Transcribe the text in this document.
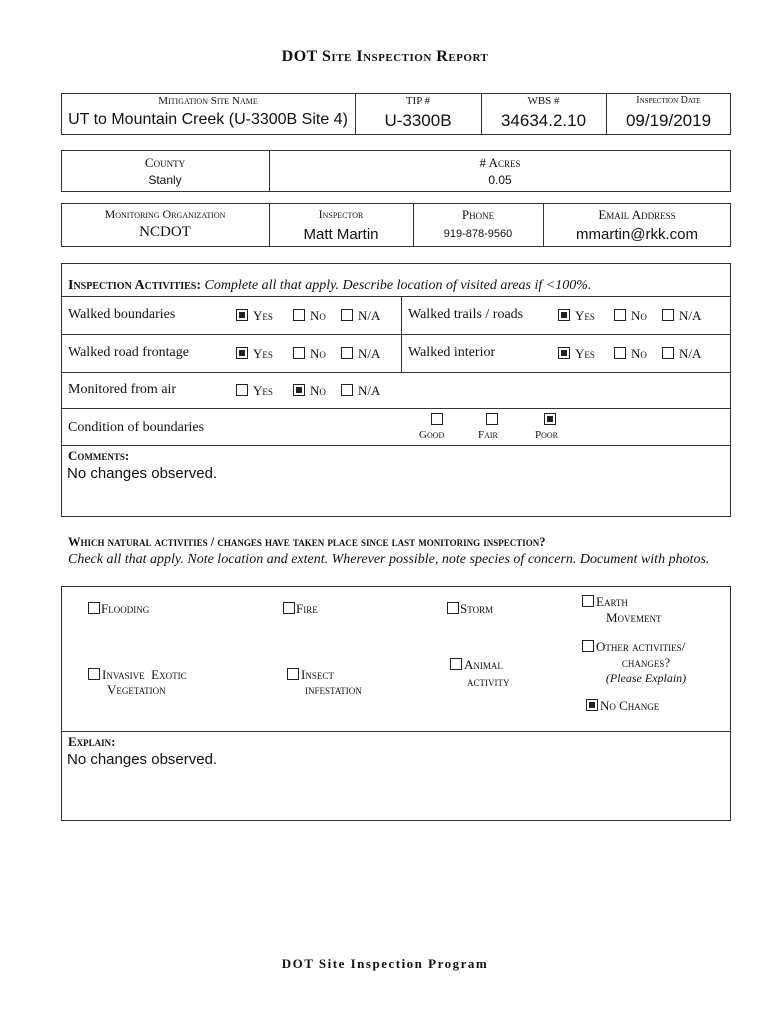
DOT Site Inspection Report
Mitigation Site Name
UT to Mountain Creek (U-3300B Site 4)
TIP #
U-3300B
WBS #
34634.2.10
Inspection Date
09/19/2019
County
Stanly
# Acres
0.05
Monitoring Organization
NCDOT
Inspector
Matt Martin
Phone
919-878-9560
Email Address
mmartin@rkk.com
Inspection Activities: Complete all that apply. Describe location of visited areas if <100%.
Walked boundaries	Yes	No N/A Walked trails / roads	Yes	No N/A
Walked road frontage	Yes	No N/A Walked interior	Yes	No N/A
Monitored from air	Yes	No N/A
Condition of boundaries	Good	Fair	Poor
Comments:
No changes observed.
Which natural activities / changes have taken place since last monitoring inspection?
Check all that apply. Note location and extent. Wherever possible, note species of concern. Document with photos.
Flooding	Fire	Storm	Earth
Movement
Invasive  Exotic
Vegetation
Insect
infestation
Animal
activity
Other activities/
changes?
(Please Explain)
No Change
Explain:
No changes observed.
DOT Site Inspection Program
